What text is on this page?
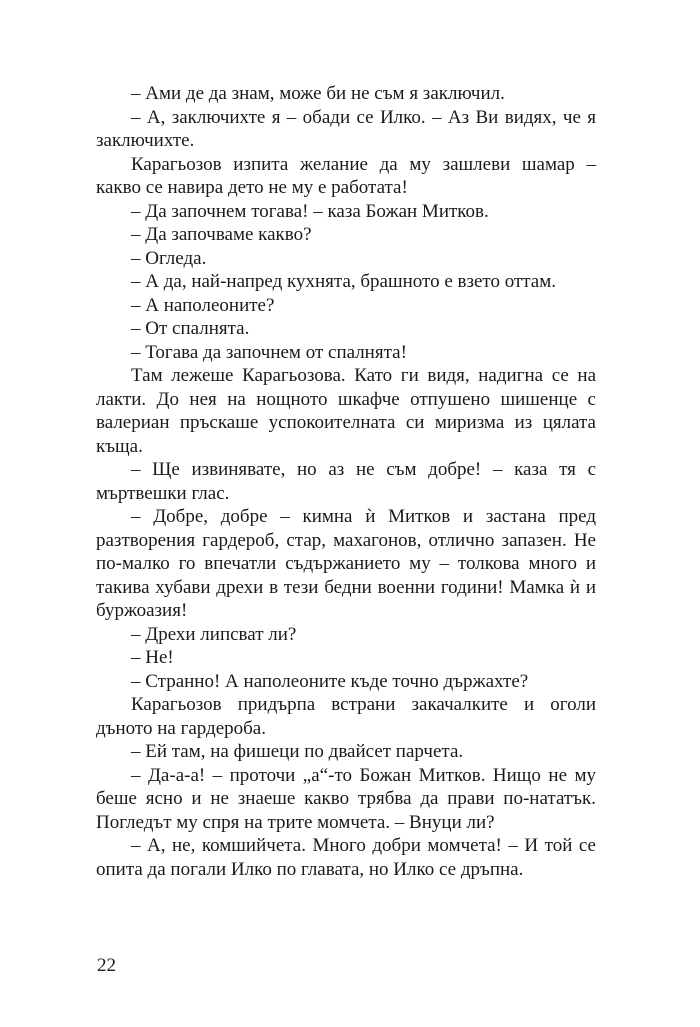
– Ами де да знам, може би не съм я заключил.

– А, заключихте я – обади се Илко. – Аз Ви видях, че я заключихте.

Карагьозов изпита желание да му зашлеви шамар – какво се навира дето не му е работата!

– Да започнем тогава! – каза Божан Митков.

– Да започваме какво?

– Огледа.

– А да, най-напред кухнята, брашното е взето оттам.

– А наполеоните?

– От спалнята.

– Тогава да започнем от спалнята!

Там лежеше Карагьозова. Като ги видя, надигна се на лакти. До нея на нощното шкафче отпушено шишенце с валериан пръскаше успокоителната си миризма из цялата къща.

– Ще извинявате, но аз не съм добре! – каза тя с мъртвешки глас.

– Добре, добре – кимна ѝ Митков и застана пред разтворения гардероб, стар, махагонов, отлично запазен. Не по-малко го впечатли съдържанието му – толкова много и такива хубави дрехи в тези бедни военни години! Мамка ѝ и буржоазия!

– Дрехи липсват ли?

– Не!

– Странно! А наполеоните къде точно държахте?

Карагьозов придърпа встрани закачалките и оголи дъното на гардероба.

– Ей там, на фишеци по двайсет парчета.

– Да-а-а! – проточи „а“-то Божан Митков. Нищо не му беше ясно и не знаеше какво трябва да прави по-нататък. Погледът му спря на трите момчета. – Внуци ли?

– А, не, комшийчета. Много добри момчета! – И той се опита да погали Илко по главата, но Илко се дръпна.

22
